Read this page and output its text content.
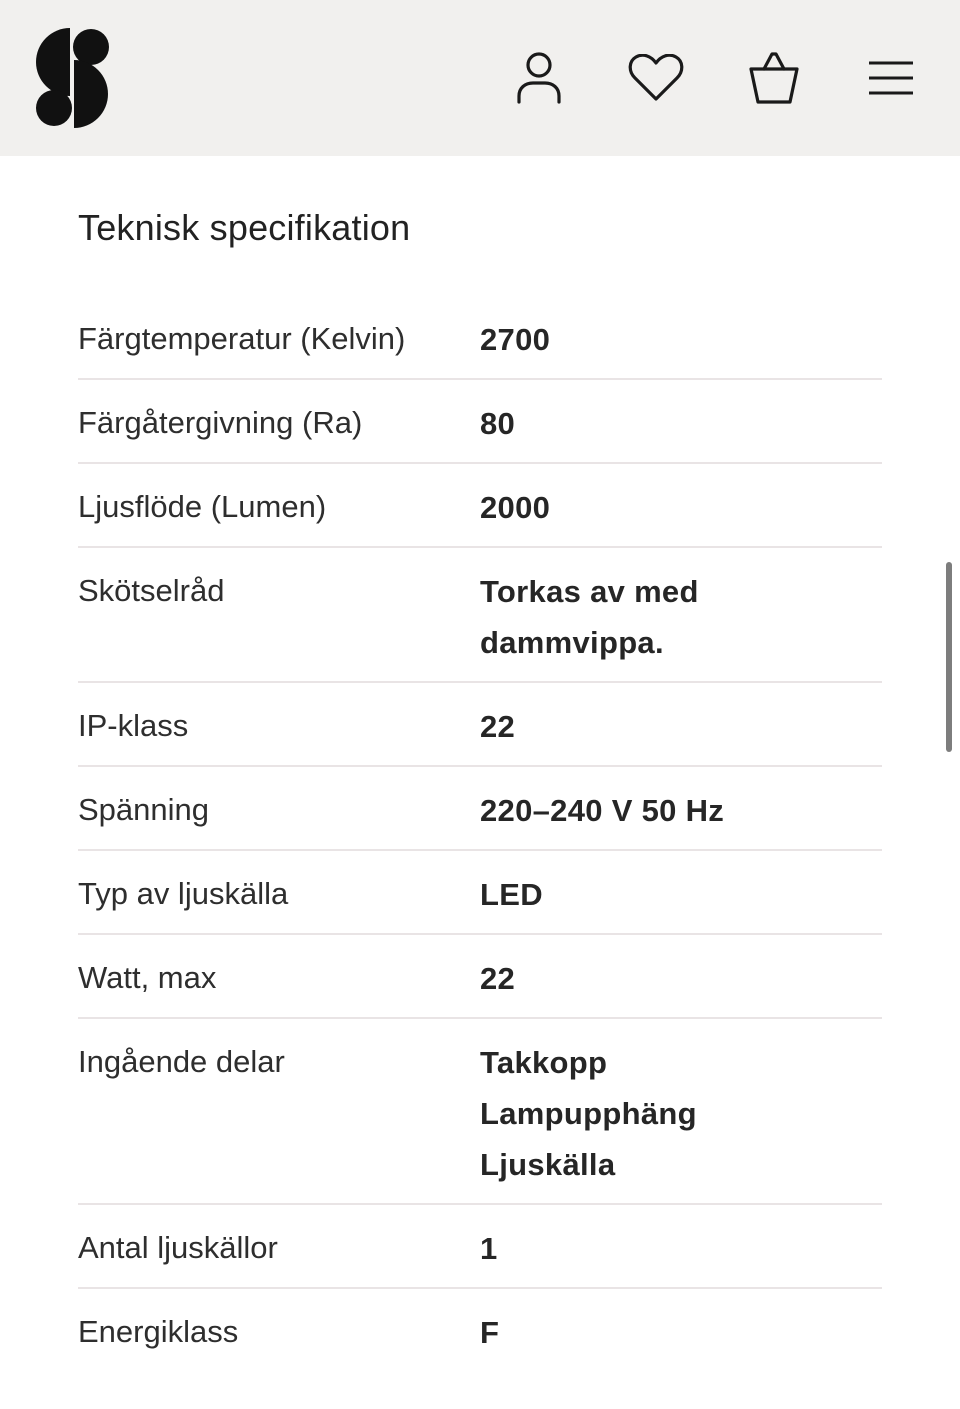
Teknisk specifikation
Färgtemperatur (Kelvin)	2700
Färgåtergivning (Ra)	80
Ljusflöde (Lumen)	2000
Skötselråd	Torkas av med
dammvippa.
IP-klass	22
Spänning	220–240 V 50 Hz
Typ av ljuskälla	LED
Watt, max	22
Ingående delar	Takkopp
Lampupphäng
Ljuskälla
Antal ljuskällor	1
Energiklass	F
